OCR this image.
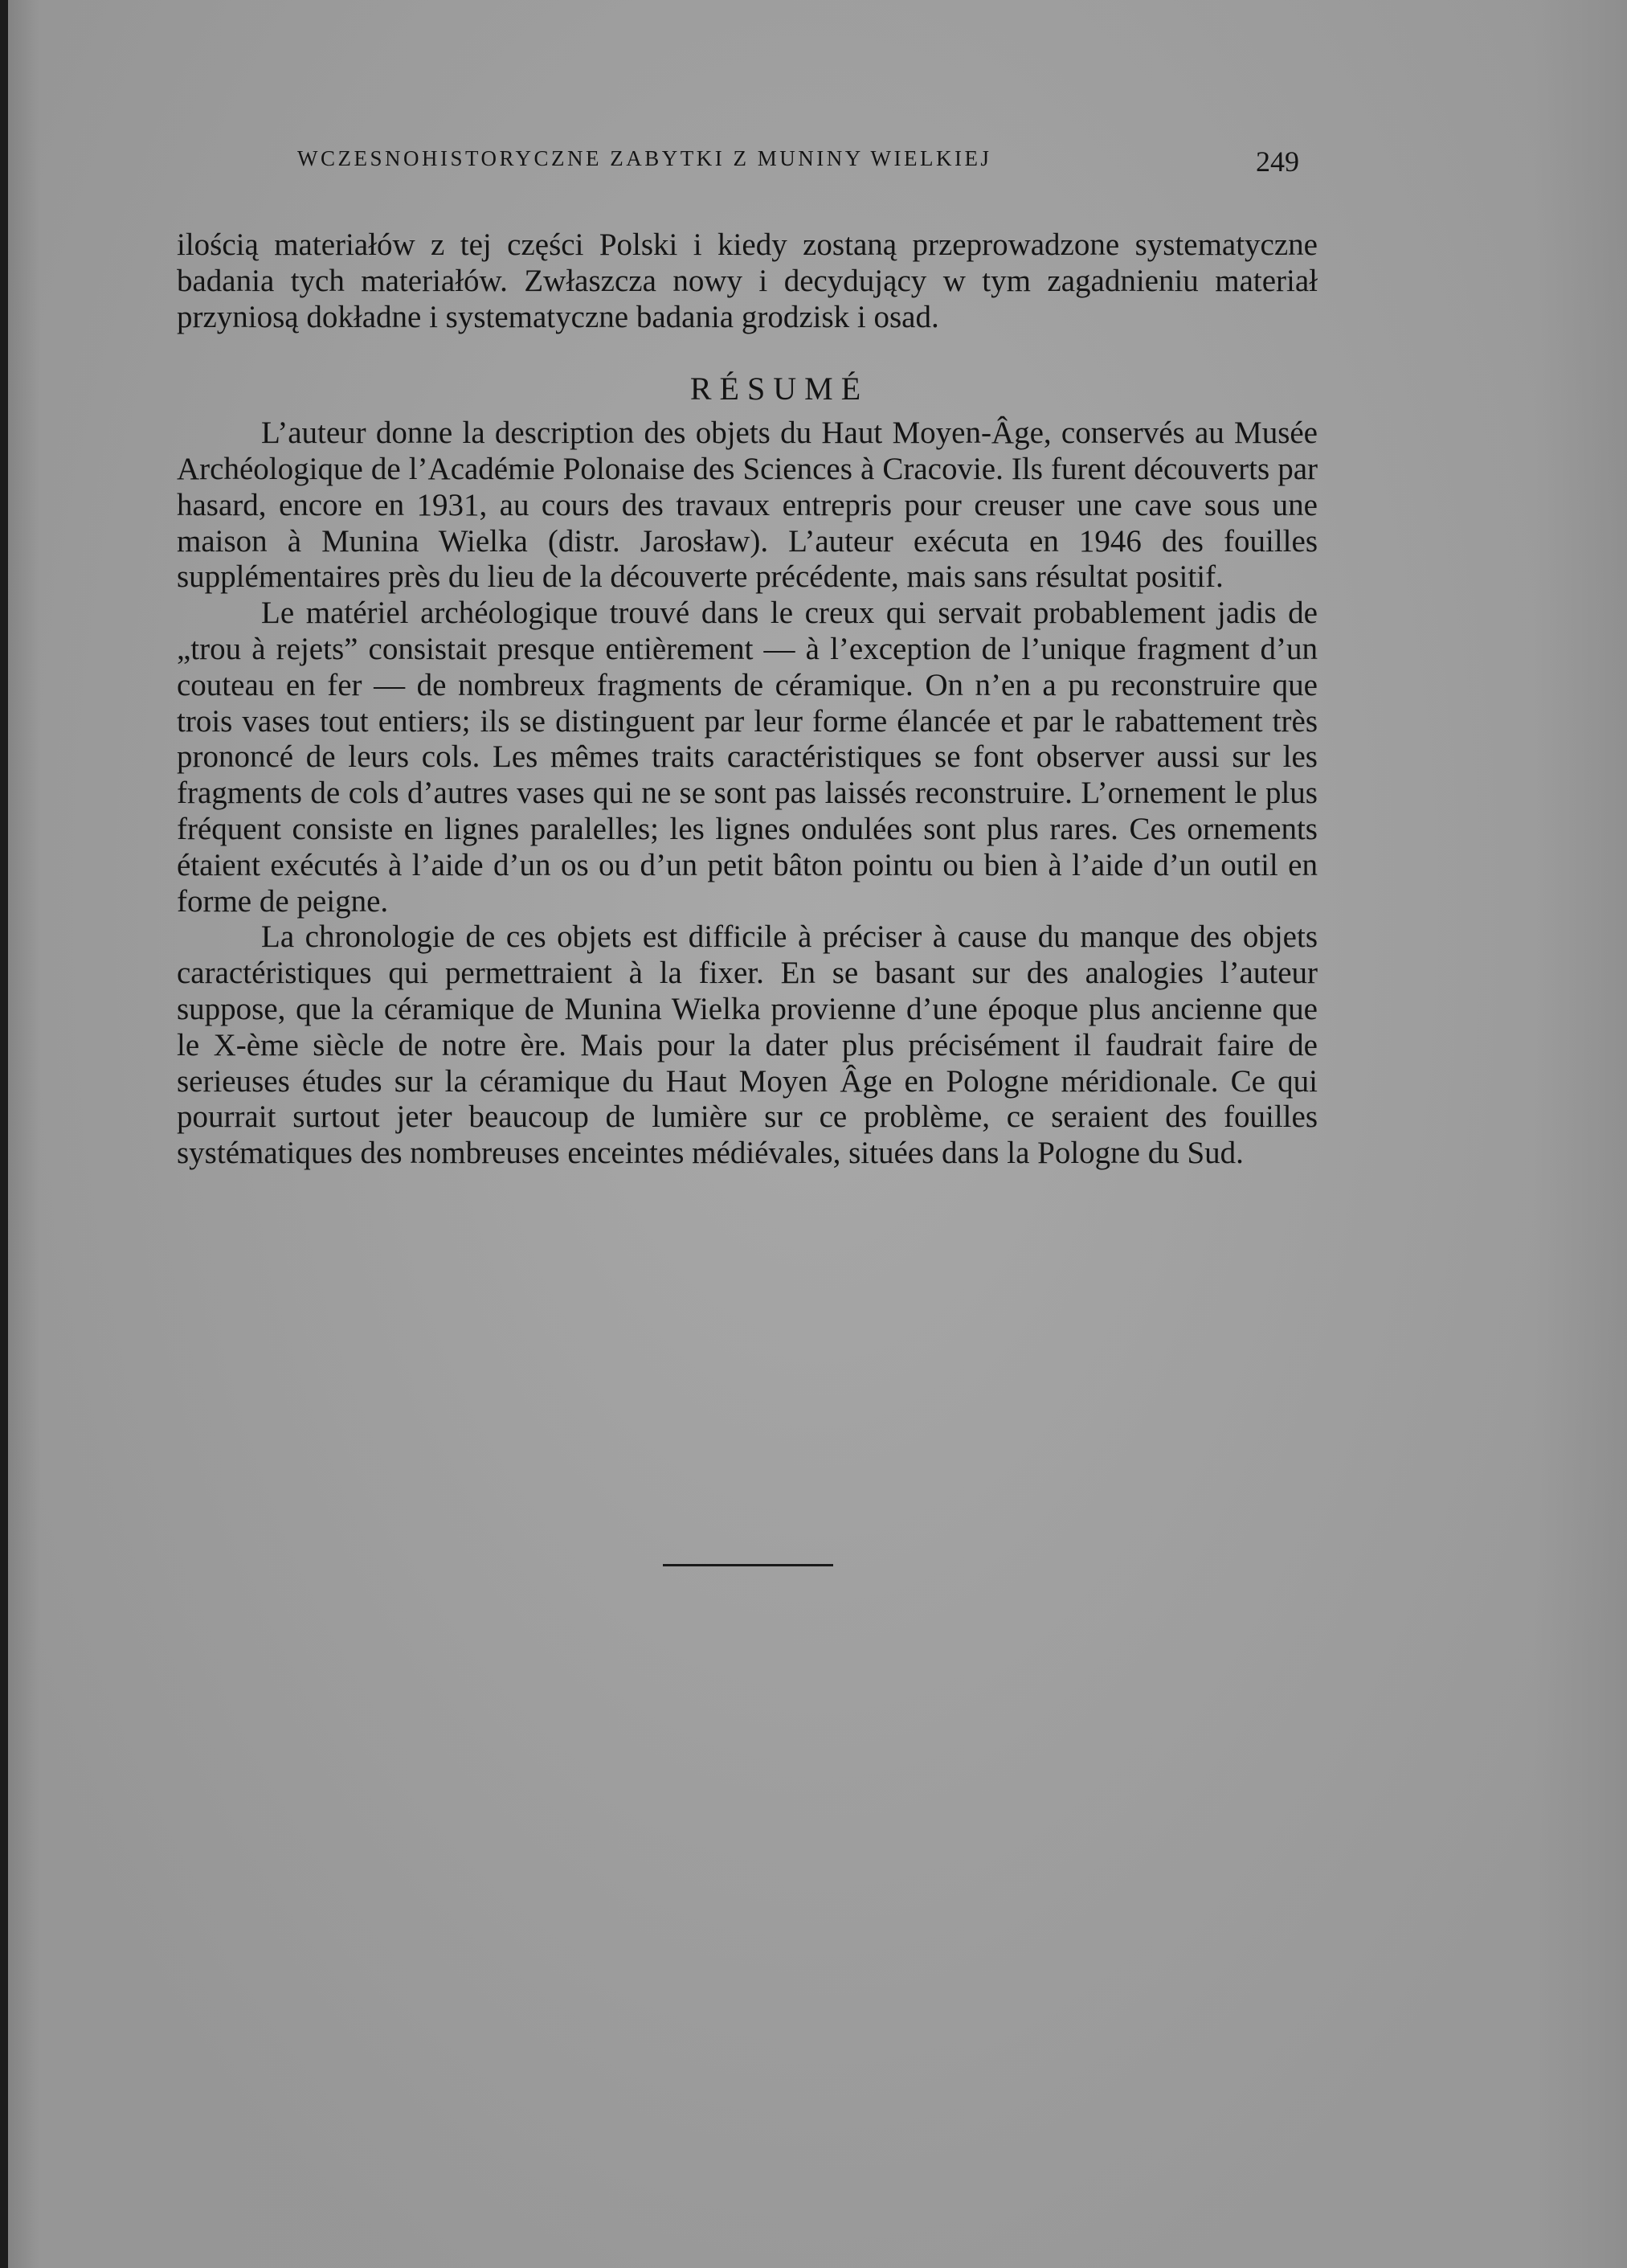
WCZESNOHISTORYCZNE ZABYTKI Z MUNINY WIELKIEJ	249

ilością materiałów z tej części Polski i kiedy zostaną przeprowadzone systematyczne badania tych materiałów. Zwłaszcza nowy i decydujący w tym zagadnieniu materiał przyniosą dokładne i systematyczne badania grodzisk i osad.

RÉSUMÉ

L’auteur donne la description des objets du Haut Moyen-Âge, conservés au Musée Archéologique de l’Académie Polonaise des Sciences à Cracovie. Ils furent découverts par hasard, encore en 1931, au cours des travaux entrepris pour creuser une cave sous une maison à Munina Wielka (distr. Jarosław). L’auteur exécuta en 1946 des fouilles supplémentaires près du lieu de la découverte précédente, mais sans résultat positif.

Le matériel archéologique trouvé dans le creux qui servait probablement jadis de „trou à rejets” consistait presque entièrement — à l’exception de l’unique fragment d’un couteau en fer — de nombreux fragments de céramique. On n’en a pu reconstruire que trois vases tout entiers; ils se distinguent par leur forme élancée et par le rabattement très prononcé de leurs cols. Les mêmes traits caractéristiques se font observer aussi sur les fragments de cols d’autres vases qui ne se sont pas laissés reconstruire. L’ornement le plus fréquent consiste en lignes paralelles; les lignes ondulées sont plus rares. Ces ornements étaient exécutés à l’aide d’un os ou d’un petit bâton pointu ou bien à l’aide d’un outil en forme de peigne.

La chronologie de ces objets est difficile à préciser à cause du manque des objets caractéristiques qui permettraient à la fixer. En se basant sur des analogies l’auteur suppose, que la céramique de Munina Wielka provienne d’une époque plus ancienne que le X-ème siècle de notre ère. Mais pour la dater plus précisément il faudrait faire de serieuses études sur la céramique du Haut Moyen Âge en Pologne méridionale. Ce qui pourrait surtout jeter beaucoup de lumière sur ce problème, ce seraient des fouilles systématiques des nombreuses enceintes médiévales, situées dans la Pologne du Sud.
